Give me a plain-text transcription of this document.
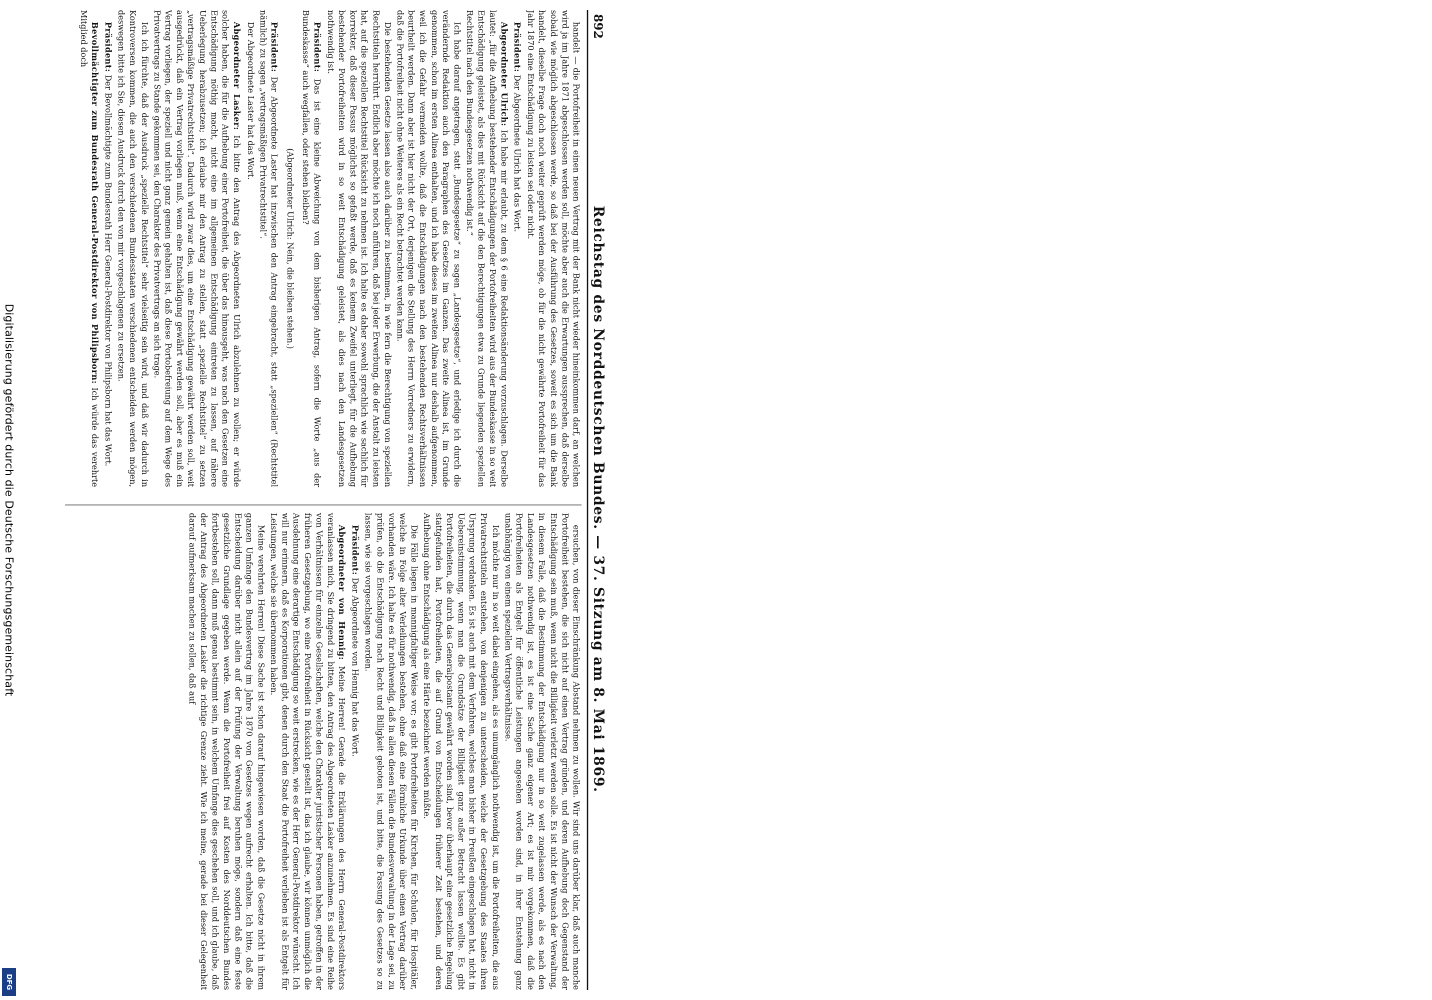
892
Reichstag des Norddeutschen Bundes. — 37. Sitzung am 8. Mai 1869.

handelt — die Portofreiheit in einen neuen Vertrag mit der Bank nicht wieder hineinkommen darf, an welchen wird ja im Jahre 1871 abgeschlossen werden soll, möchte aber auch die Erwartungen aussprechen, daß derselbe sobald wie möglich abgeschlossen werde, so daß bei der Ausführung des Gesetzes, soweit es sich um die Bank handelt, dieselbe Frage doch noch weiter geprüft werden möge, ob für die nicht gewährte Portofreiheit für das Jahr 1870 eine Entschädigung zu leisten sei oder nicht.

Präsident: Der Abgeordnete Ulrich hat das Wort.

Abgeordneter Ulrich: Ich habe mir erlaubt, zu dem § 6 eine Redaktionsänderung vorzuschlagen. Derselbe lautet: „für die Aufhebung bestehender Entschädigungen der Portofreiheiten wird aus der Bundeskasse in so weit Entschädigung geleistet, als dies mit Rücksicht auf die den Berechtigungen etwa zu Grunde liegenden speziellen Rechtstitel nach den Bundesgesetzen nothwendig ist.“

Ich habe darauf angetragen, statt „Bundesgesetze“ zu sagen „Landesgesetze“, und erledige ich durch die verändernde Redaktion auch den Paragraphen des Gesetzes im Ganzen. Das zweite Alinea ist, im Grunde genommen, schon im ersten Alinea enthalten, und ich habe dieses im zweiten Alinea nur deshalb aufgenommen, weil ich die Gefahr vermeiden wollte, daß die Entschädigungen nach den bestehenden Rechtsverhältnissen beurtheilt werden. Dann aber ist hier nicht der Ort, derjenigen die Stellung des Herrn Vorredners zu erwidern, daß die Portofreiheit nicht ohne Weiteres als ein Recht betrachtet werden kann.

Die bestehenden Gesetze lassen also auch darüber zu bestimmen, in wie fern die Berechtigung von speziellen Rechtstiteln herrührt. Endlich aber möchte ich noch anführen, daß bei jeder Erwerbung, die der Anstalt zu leisten hat, auf die speziellen Rechtstitel Rücksicht zu nehmen ist. Ich halte es daher sowohl sprachlich wie sachlich für korrekter, daß dieser Passus möglichst so gefaßt werde, daß es keinem Zweifel unterliegt, für die Aufhebung bestehender Portofreiheiten wird in so weit Entschädigung geleistet, als dies nach den Landesgesetzen nothwendig ist.

Präsident: Das ist eine kleine Abweichung von dem bisherigen Antrag, sofern die Worte „aus der Bundeskasse“ auch wegfallen, oder stehen bleiben?

(Abgeordneter Ulrich: Nein, die bleiben stehen.)

Präsident: Der Abgeordnete Laster hat inzwischen den Antrag eingebracht, statt „speziellen“ (Rechtstitel nämlich) zu sagen „vertragsmäßigen Privatrechtstitel“.

Der Abgeordnete Laster hat das Wort.

Abgeordneter Lasker: Ich bitte den Antrag des Abgeordneten Ulrich abzulehnen zu wollen; er würde solcher haben, die für die Aufhebung einer Portofreiheit, die über das hinausgeht, was nach den Gesetzen eine Entschädigung nöthig macht, nicht eine im allgemeinen Entschädigung eintreten zu lassen, auf nähere Ueberlegung herabzusetzen; ich erlaube mir den Antrag zu stellen, statt „spezielle Rechtstitel“ zu setzen „vertragsmäßige Privatrechtstitel“. Dadurch wird zwar dies, um eine Entschädigung gewährt werden soll, weit ausgedrückt, daß ein Vertrag vorliegen muß, wenn eine Entschädigung gewährt werden soll, aber es muß ein Vertrag vorliegen, der speziell und nicht ganz gemein gehalten ist, daß diese Portobefreiung auf dem Wege des Privatvertrags zu Stande gekommen sei, den Charakter des Privatvertrags an sich trage.

Ich ich fürchte, daß der Ausdruck „spezielle Rechtstitel“ sehr vielseitig sein wird, und daß wir dadurch in Kontroversen kommen, die auch den verschiedenen Bundesstaaten verschiedenen entscheiden werden mögen, deswegen bitte ich Sie, diesen Ausdruck durch den von mir vorgeschlagenen zu ersetzen.

Präsident: Der Bevollmächtigte zum Bundesrath Herr General-Postdirektor von Philipsborn hat das Wort.

Bevollmächtigter zum Bundesrath General-Postdirektor von Philipsborn: Ich würde das verehrte Mitglied doch

ersuchen, von dieser Einschränkung Abstand nehmen zu wollen. Wir sind uns darüber klar, daß auch manche Portofreiheit bestehen, die sich nicht auf einen Vertrag gründen, und deren Aufhebung doch Gegenstand der Entschädigung sein muß, wenn nicht die Billigkeit verletzt werden solle. Es ist nicht der Wunsch der Verwaltung, in diesem Falle, daß die Bestimmung der Entschädigung nur in so weit zugelassen werde, als es nach den Landesgesetzen nothwendig ist, es ist eine Sache ganz eigener Art; es ist mir vorgekommen, daß die Portofreiheiten als Entgelt für öffentliche Leistungen angesehen worden sind, in ihrer Entstehung ganz unabhängig von einem speziellen Vertragsverhältnisse.

Ich möchte nur in so weit dabei eingehen, als es unumgänglich nothwendig ist, um die Portofreiheiten, die aus Privatrechtstiteln entstehen, von denjenigen zu unterscheiden, welche der Gesetzgebung des Staates ihren Ursprung verdanken. Es ist auch mit dem Verfahren, welches man bisher in Preußen eingeschlagen hat, nicht in Uebereinstimmung, wenn man die Grundsätze der Billigkeit ganz außer Betracht lassen wollte. Es gibt Portofreiheiten, die durch das Generalpostamt gewährt worden sind, bevor überhaupt eine gesetzliche Regelung stattgefunden hat, Portofreiheiten, die auf Grund von Entscheidungen früherer Zeit bestehen, und deren Aufhebung ohne Entschädigung als eine Härte bezeichnet werden müßte.

Die Fälle liegen in mannigfaltiger Weise vor; es gibt Portofreiheiten für Kirchen, für Schulen, für Hospitäler, welche in Folge alter Verleihungen bestehen, ohne daß eine förmliche Urkunde über einen Vertrag darüber vorhanden wäre. Ich halte es für nothwendig, daß in allen diesen Fällen die Bundesverwaltung in der Lage sei, zu prüfen, ob die Entschädigung nach Recht und Billigkeit geboten ist, und bitte, die Fassung des Gesetzes so zu lassen, wie sie vorgeschlagen worden.

Präsident: Der Abgeordnete von Hennig hat das Wort.

Abgeordneter von Hennig: Meine Herren! Gerade die Erklärungen des Herrn General-Postdirektors veranlassen mich, Sie dringend zu bitten, den Antrag des Abgeordneten Lasker anzunehmen. Es sind eine Reihe von Verhältnissen für einzelne Gesellschaften, welche den Charakter juristischer Personen haben, getroffen in der früheren Gesetzgebung, wo eine Portofreiheit in Rücksicht gestellt ist, das ich glaube, wir können unmöglich die Ausdehnung eine derartige Entschädigung so weit erstrecken, wie es der Herr General-Postdirektor wünscht. Ich will nur erinnern, daß es Korporationen gibt, denen durch den Staat die Portofreiheit verliehen ist als Entgelt für Leistungen, welche sie übernommen haben.

Meine verehrten Herren! Diese Sache ist schon darauf hingewiesen worden, daß die Gesetze nicht in ihrem ganzen Umfange den Bundesvertrag im Jahre 1870 von Gesetzes wegen aufrecht erhalten. Ich bitte, daß die Entscheidung darüber nicht allein auf der Prüfung der Verwaltung beruhen möge, sondern daß eine feste gesetzliche Grundlage gegeben werde. Wenn die Portofreiheit frei auf Kosten des Norddeutschen Bundes fortbestehen soll, dann muß genau bestimmt sein, in welchem Umfange dies geschehen soll, und ich glaube, daß der Antrag des Abgeordneten Lasker die richtige Grenze zieht. Wie ich meine, gerade bei dieser Gelegenheit darauf aufmerksam machen zu sollen, daß auf

Digitalisierung gefördert durch die Deutsche Forschungsgemeinschaft
DFG
